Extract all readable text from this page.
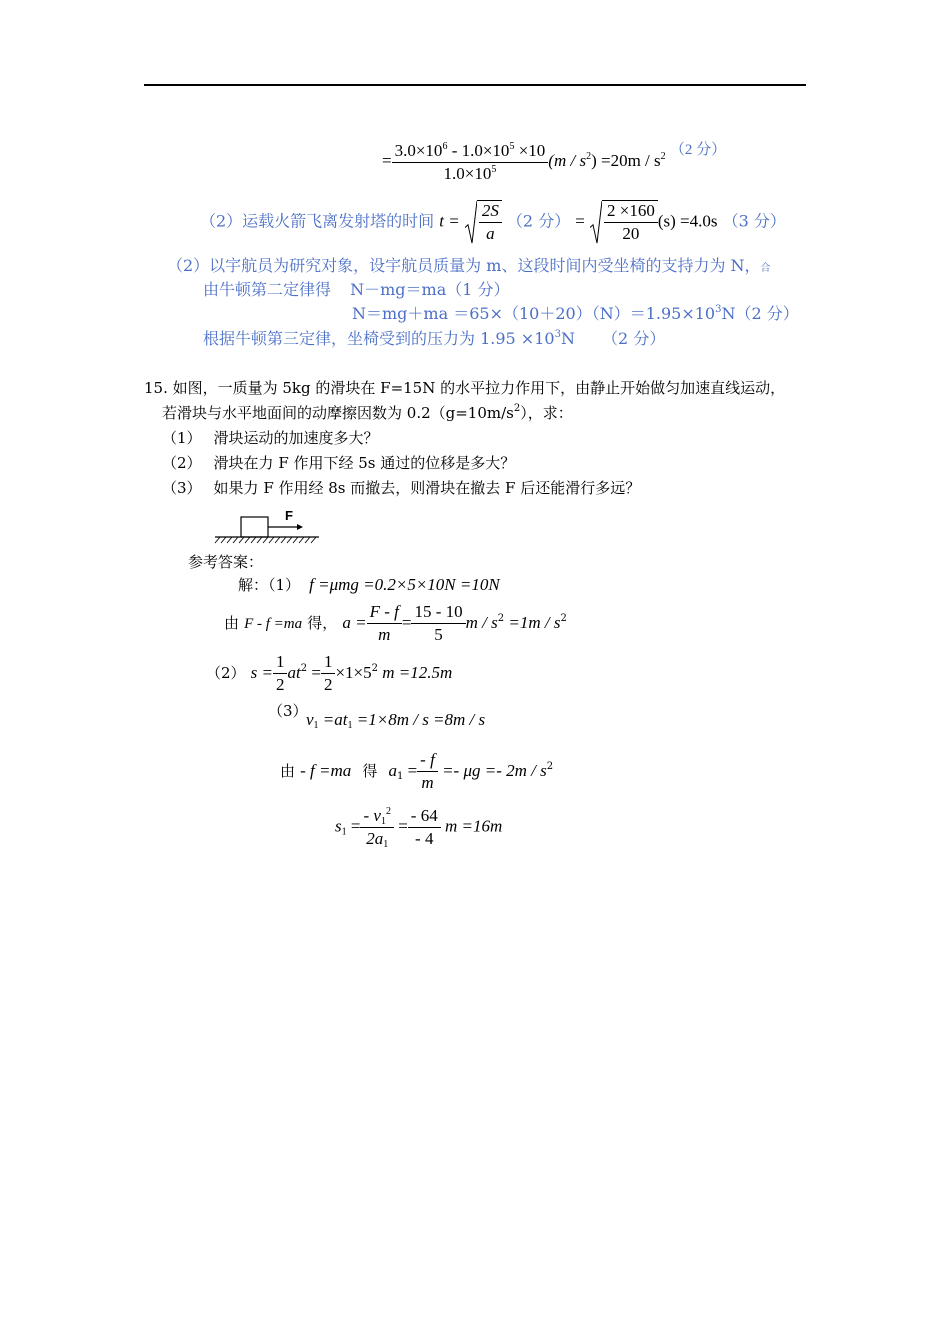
= $\frac{3.0\times 10^6 - 1.0\times 10^5 \times 10}{1.0\times 10^5} (m / s^2) =20m / s^2$ （2 分）
（2）运载火箭飞离发射塔的时间 $t = \frac{2S}{a} (2$ 分） = $\frac{2 \times 160}{20} (s) =4.0s$ （3 分）
（2）以宇航员为研究对象，设宇航员质量为 m、这段时间内受坐椅的支持力为 N，合
由牛顿第二定律得 N－mg＝ma（1 分）
$N=mg+ma =65\times(10+20)(N)=1.95\times 10^3N(2$ 分）
根据牛顿第三定律，坐椅受到的压力为 $1.95 \times 10^3N$ （2 分）
15. 如图，一质量为 5kg 的滑块在 F=15N 的水平拉力作用下，由静止开始做匀加速直线运动，
若滑块与水平地面间的动摩擦因数为 $0.2(g=10m/s^2)$，求：
（1） 滑块运动的加速度多大？
（2） 滑块在力 F 作用下经 5s 通过的位移是多大？
（3） 如果力 F 作用经 8s 而撤去，则滑块在撤去 F 后还能滑行多远？
F
参考答案：
解：（1） f =μmg =0.2×5×10N =10N
由 F - f =ma 得， $a = \frac{F - f}{m} = \frac{15 - 10}{5}$ $m / s^2 =1m / s^2$
（2） $s = \frac{1}{2} at^2 = \frac{1}{2} \times 1\times 5^2$ m =12.5m
（3）
$v_1 =at_1 =1\times 8m / s =8m / s$
由 - f =ma 得 $a_1 = \frac{- f}{m} =- \mu g =- 2m / s^2$
$s_1 = \frac{- v_1^2}{2a_1} = \frac{- 64}{- 4}$ m =16m
